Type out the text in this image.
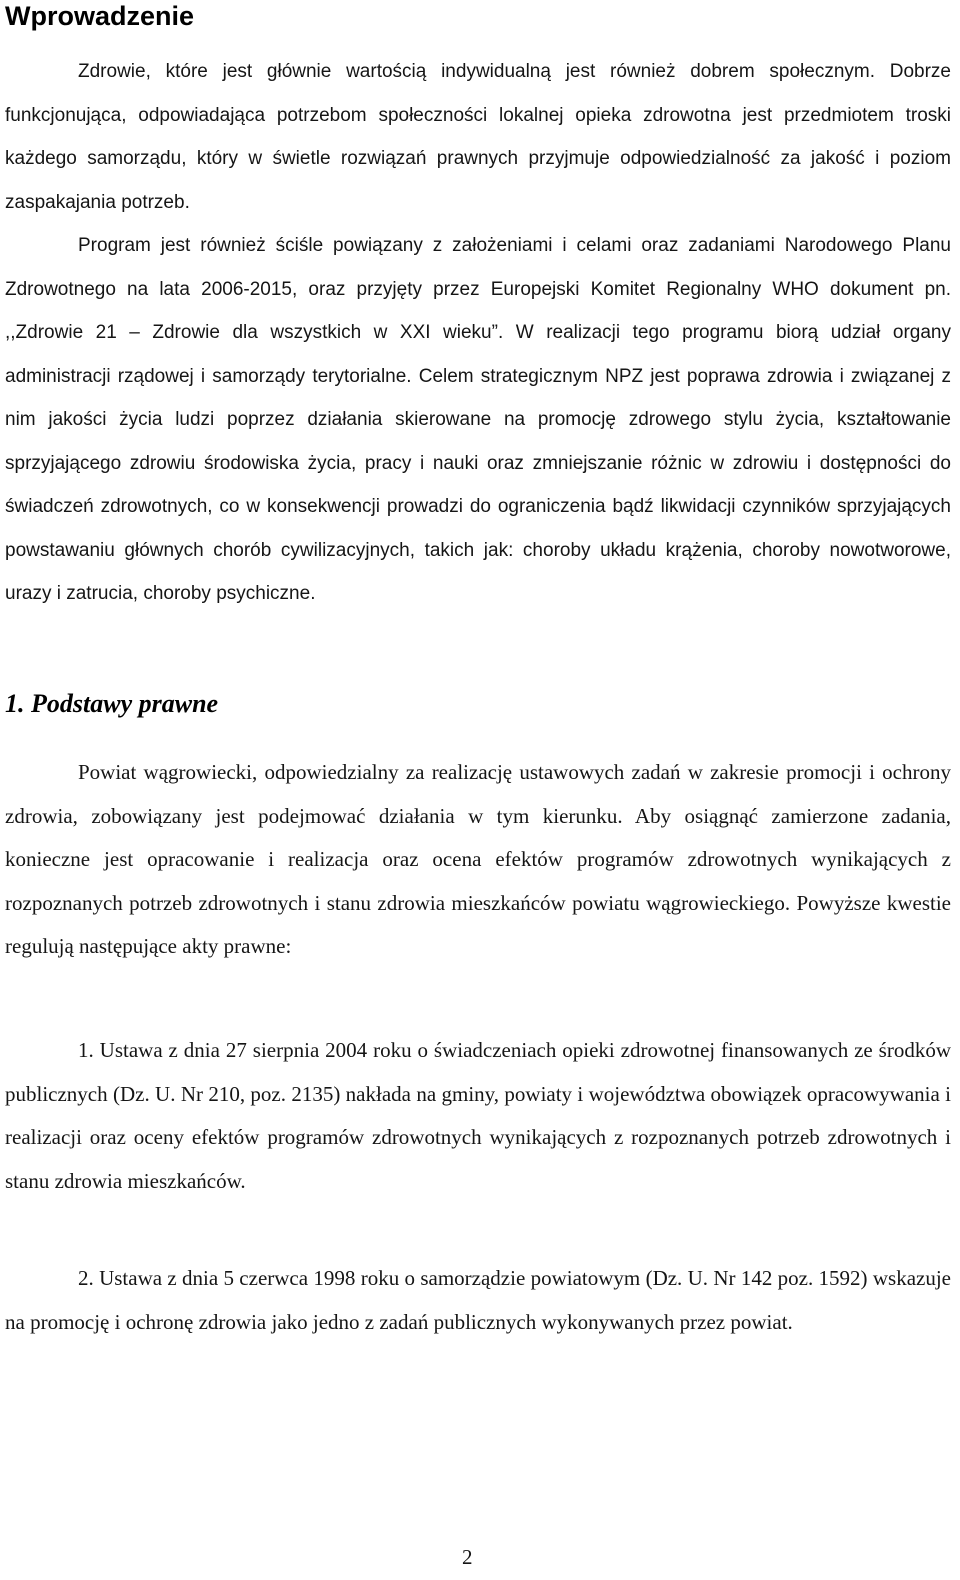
Wprowadzenie

Zdrowie, które jest głównie wartością indywidualną jest również dobrem społecznym. Dobrze funkcjonująca, odpowiadająca potrzebom społeczności lokalnej opieka zdrowotna jest przedmiotem troski każdego samorządu, który w świetle rozwiązań prawnych przyjmuje odpowiedzialność za jakość i poziom zaspakajania potrzeb.

Program jest również ściśle powiązany z założeniami i celami oraz zadaniami Narodowego Planu Zdrowotnego na lata 2006-2015, oraz przyjęty przez Europejski Komitet Regionalny WHO dokument pn. ,,Zdrowie 21 – Zdrowie dla wszystkich w XXI wieku”. W realizacji tego programu biorą udział organy administracji rządowej i samorządy terytorialne. Celem strategicznym NPZ jest poprawa zdrowia i związanej z nim jakości życia ludzi poprzez działania skierowane na promocję zdrowego stylu życia, kształtowanie sprzyjającego zdrowiu środowiska życia, pracy i nauki oraz zmniejszanie różnic w zdrowiu i dostępności do świadczeń zdrowotnych, co w konsekwencji prowadzi do ograniczenia bądź likwidacji czynników sprzyjających powstawaniu głównych chorób cywilizacyjnych, takich jak: choroby układu krążenia, choroby nowotworowe, urazy i zatrucia, choroby psychiczne.

1. Podstawy prawne

Powiat wągrowiecki, odpowiedzialny za realizację ustawowych zadań w zakresie promocji i ochrony zdrowia, zobowiązany jest podejmować działania w tym kierunku. Aby osiągnąć zamierzone zadania, konieczne jest opracowanie i realizacja oraz ocena efektów programów zdrowotnych wynikających z rozpoznanych potrzeb zdrowotnych i stanu zdrowia mieszkańców powiatu wągrowieckiego. Powyższe kwestie regulują następujące akty prawne:

1. Ustawa z dnia 27 sierpnia 2004 roku o świadczeniach opieki zdrowotnej finansowanych ze środków publicznych (Dz. U. Nr 210, poz. 2135) nakłada na gminy, powiaty i województwa obowiązek opracowywania i realizacji oraz oceny efektów programów zdrowotnych wynikających z rozpoznanych potrzeb zdrowotnych i stanu zdrowia mieszkańców.

2. Ustawa z dnia 5 czerwca 1998 roku o samorządzie powiatowym (Dz. U. Nr 142 poz. 1592) wskazuje na promocję i ochronę zdrowia jako jedno z zadań publicznych wykonywanych przez powiat.

2
